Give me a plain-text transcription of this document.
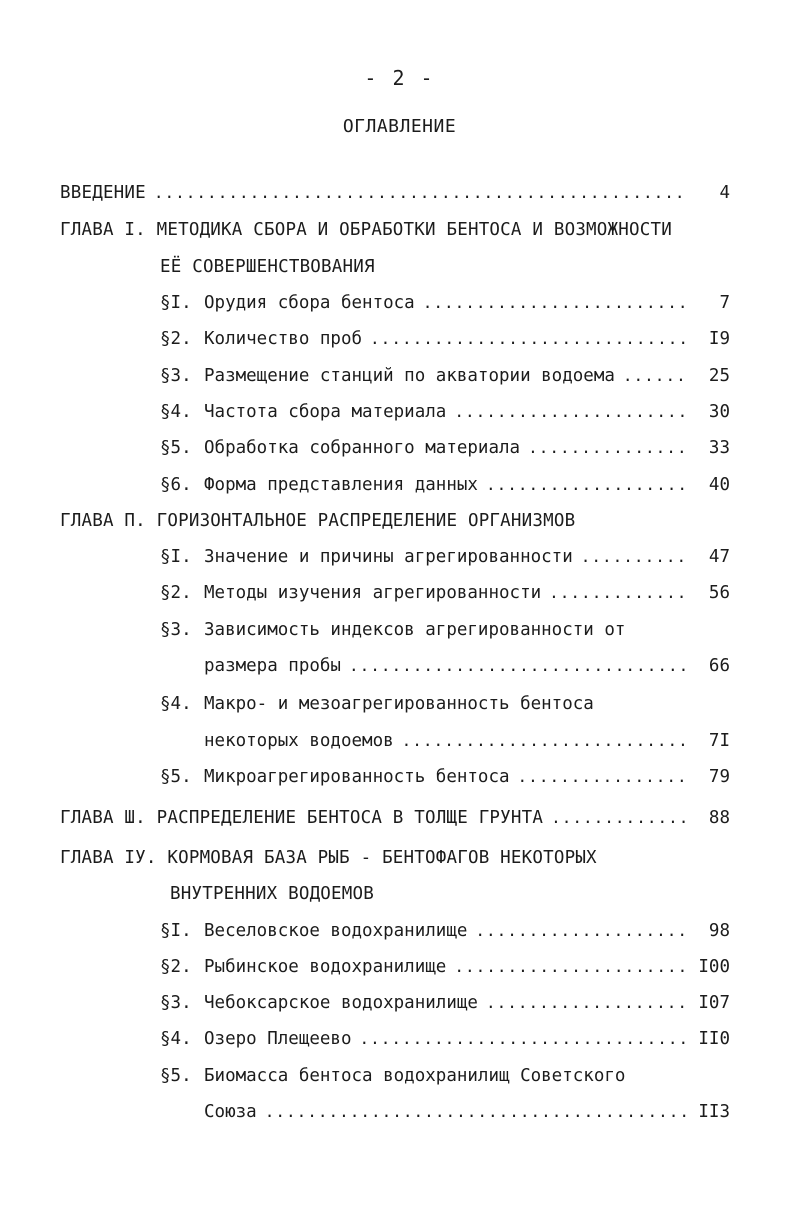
- 2 -
ОГЛАВЛЕНИЕ
ВВЕДЕНИЕ .....	4
ГЛАВА I. МЕТОДИКА СБОРА И ОБРАБОТКИ БЕНТОСА И ВОЗМОЖНОСТИ
ЕЁ СОВЕРШЕНСТВОВАНИЯ
§I. Орудия сбора бентоса .....	7
§2. Количество проб .....	I9
§3. Размещение станций по акватории водоема .....	25
§4. Частота сбора материала .....	30
§5. Обработка собранного материала .....	33
§6. Форма представления данных .....	40
ГЛАВА П. ГОРИЗОНТАЛЬНОЕ РАСПРЕДЕЛЕНИЕ ОРГАНИЗМОВ
§I. Значение и причины агрегированности .....	47
§2. Методы изучения агрегированности .....	56
§3. Зависимость индексов агрегированности от
размера пробы .....	66
§4. Макро- и мезоагрегированность бентоса
некоторых водоемов .....	7I
§5. Микроагрегированность бентоса .....	79
ГЛАВА Ш. РАСПРЕДЕЛЕНИЕ БЕНТОСА В ТОЛЩЕ ГРУНТА .....	88
ГЛАВА IУ. КОРМОВАЯ БАЗА РЫБ - БЕНТОФАГОВ НЕКОТОРЫХ
ВНУТРЕННИХ ВОДОЕМОВ
§I. Веселовское водохранилище .....	98
§2. Рыбинское водохранилище .....	I00
§3. Чебоксарское водохранилище .....	I07
§4. Озеро Плещеево .....	II0
§5. Биомасса бентоса водохранилищ Советского
Союза .....	II3
